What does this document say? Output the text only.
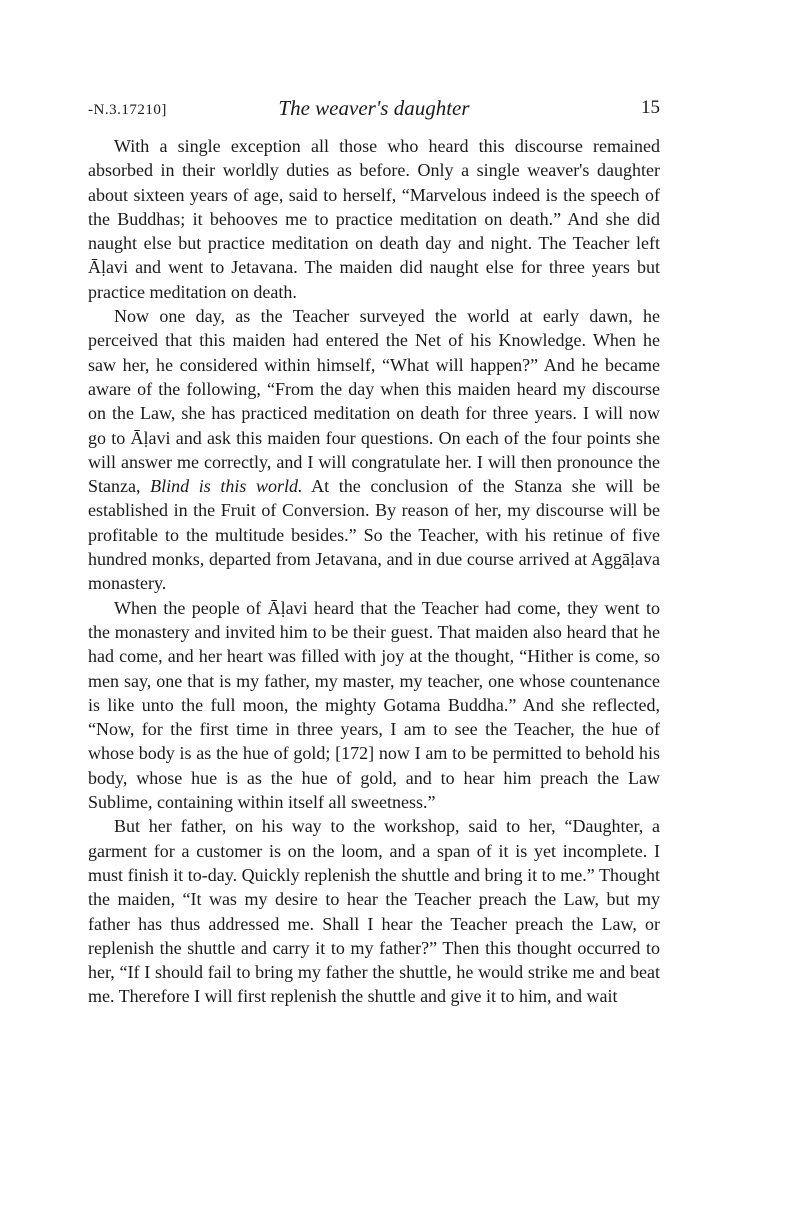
-N.3.17210]	The weaver's daughter	15

With a single exception all those who heard this discourse remained absorbed in their worldly duties as before. Only a single weaver's daughter about sixteen years of age, said to herself, “Marvelous indeed is the speech of the Buddhas; it behooves me to practice meditation on death.” And she did naught else but practice meditation on death day and night. The Teacher left Āḷavi and went to Jetavana. The maiden did naught else for three years but practice meditation on death.

Now one day, as the Teacher surveyed the world at early dawn, he perceived that this maiden had entered the Net of his Knowledge. When he saw her, he considered within himself, “What will happen?” And he became aware of the following, “From the day when this maiden heard my discourse on the Law, she has practiced meditation on death for three years. I will now go to Āḷavi and ask this maiden four questions. On each of the four points she will answer me correctly, and I will congratulate her. I will then pronounce the Stanza, Blind is this world. At the conclusion of the Stanza she will be established in the Fruit of Conversion. By reason of her, my discourse will be profitable to the multitude besides.” So the Teacher, with his retinue of five hundred monks, departed from Jetavana, and in due course arrived at Aggāḷava monastery.

When the people of Āḷavi heard that the Teacher had come, they went to the monastery and invited him to be their guest. That maiden also heard that he had come, and her heart was filled with joy at the thought, “Hither is come, so men say, one that is my father, my master, my teacher, one whose countenance is like unto the full moon, the mighty Gotama Buddha.” And she reflected, “Now, for the first time in three years, I am to see the Teacher, the hue of whose body is as the hue of gold; [172] now I am to be permitted to behold his body, whose hue is as the hue of gold, and to hear him preach the Law Sublime, containing within itself all sweetness.”

But her father, on his way to the workshop, said to her, “Daughter, a garment for a customer is on the loom, and a span of it is yet incomplete. I must finish it to-day. Quickly replenish the shuttle and bring it to me.” Thought the maiden, “It was my desire to hear the Teacher preach the Law, but my father has thus addressed me. Shall I hear the Teacher preach the Law, or replenish the shuttle and carry it to my father?” Then this thought occurred to her, “If I should fail to bring my father the shuttle, he would strike me and beat me. Therefore I will first replenish the shuttle and give it to him, and wait
